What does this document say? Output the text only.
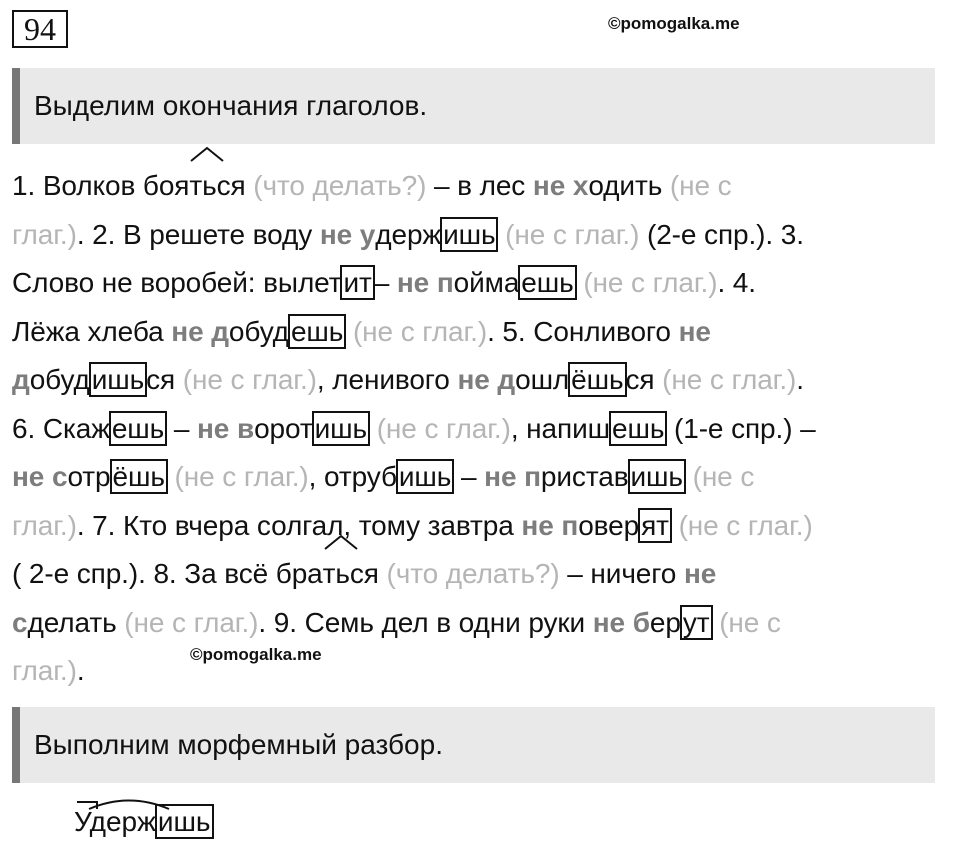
94	©pomogalka.me
Выделим окончания глаголов.
1. Волков боять
ся (что делать?) – в лес не ходить (не с
глаг.). 2. В решете воду не удержишь (не с глаг.) (2-е спр.). 3.
Слово не воробей: вылетит– не поймаешь (не с глаг.). 4.
Лёжа хлеба не добудешь (не с глаг.). 5. Сонливого не
добудишься (не с глаг.), ленивого не дошлёшься (не с глаг.).
6. Скажешь – не воротишь (не с глаг.), напишешь (1-е спр.) –
не сотрёшь (не с глаг.), отрубишь – не приставишь (не с
глаг.). 7. Кто вчера солгал, тому завтра не поверят (не с глаг.)
( 2-е спр.). 8. За всё брать
ся (что делать?) – ничего не
сделать (не с глаг.). 9. Семь дел в одни руки не берут (не с
глаг.).
©pomogalka.me
Выполним морфемный разбор.
Удержишь
